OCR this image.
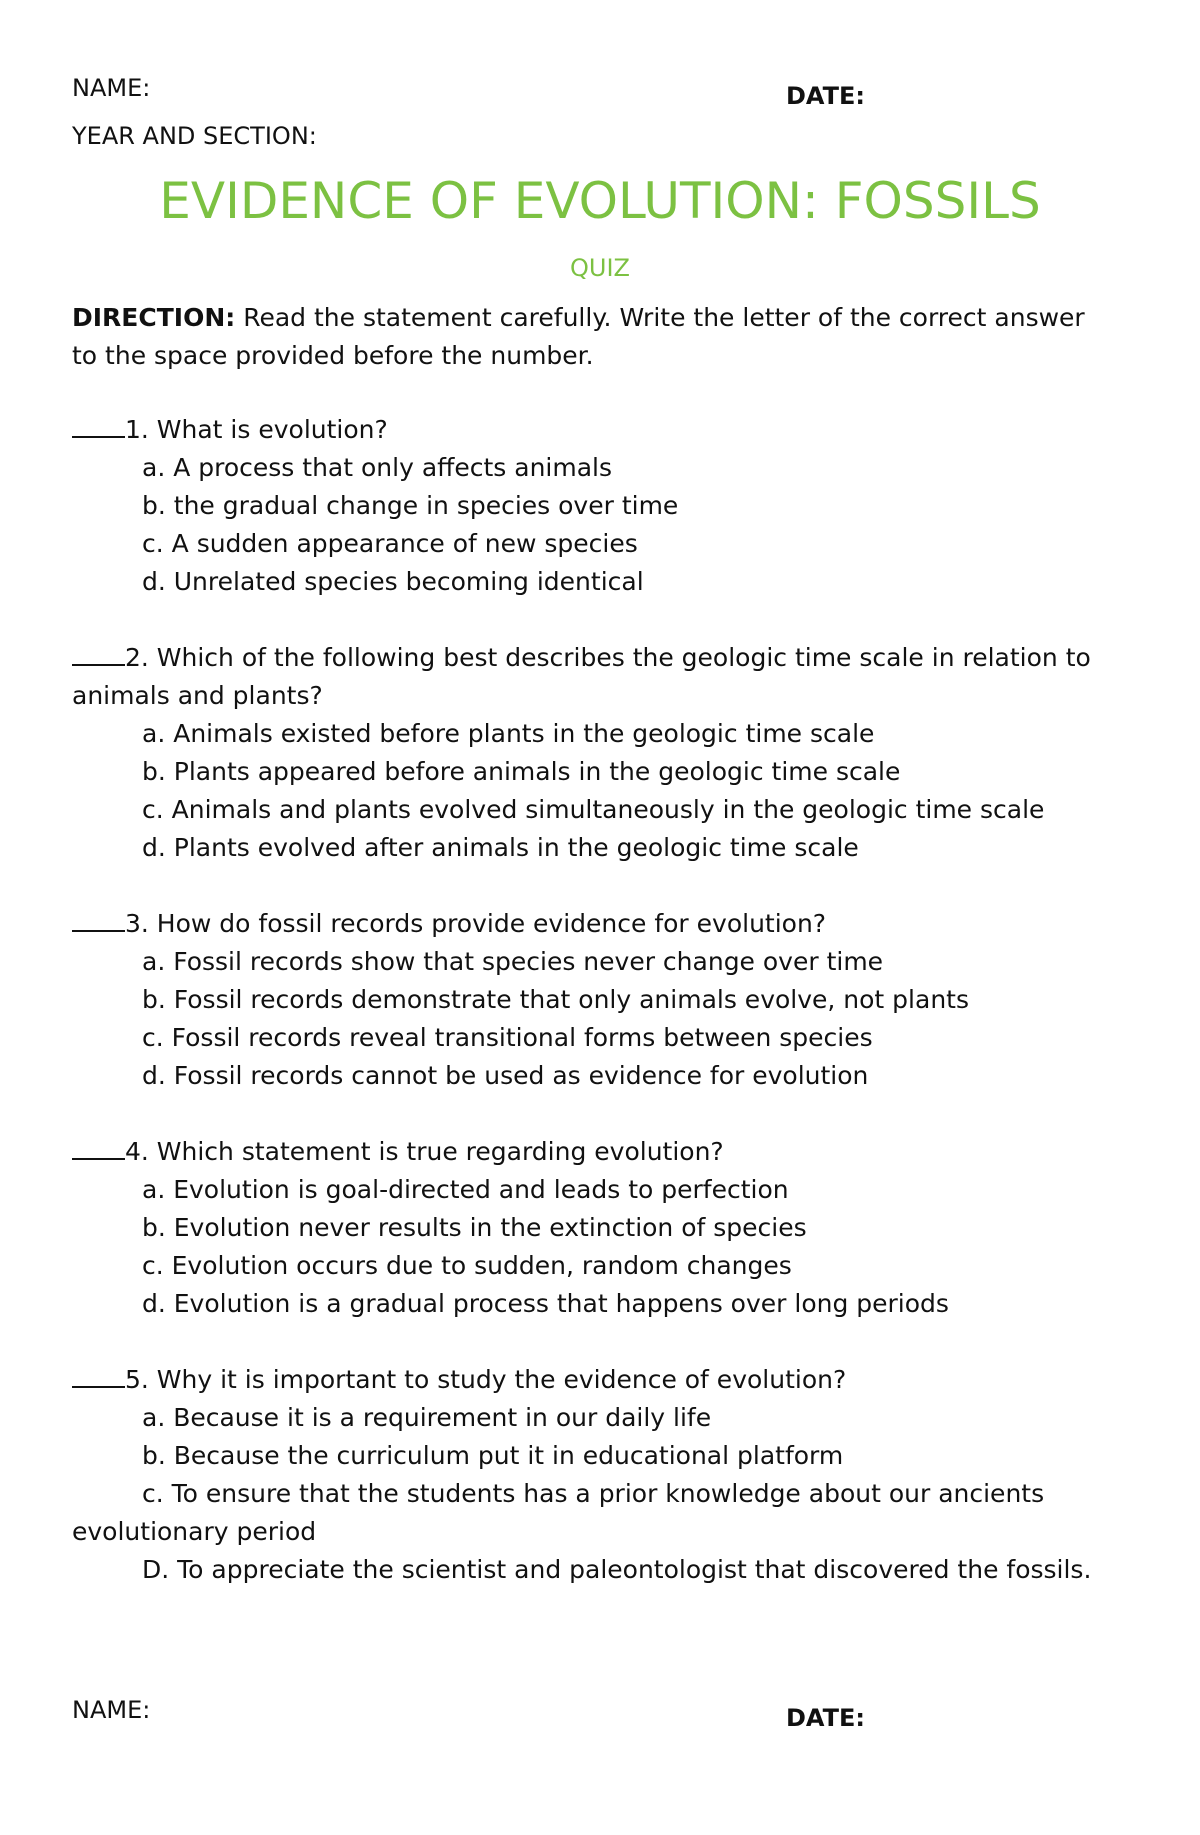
NAME:	DATE:
YEAR AND SECTION:
EVIDENCE OF EVOLUTION: FOSSILS
QUIZ
DIRECTION: Read the statement carefully. Write the letter of the correct answer to the space provided before the number.
1. What is evolution?
a. A process that only affects animals
b. the gradual change in species over time
c. A sudden appearance of new species
d. Unrelated species becoming identical
2. Which of the following best describes the geologic time scale in relation to animals and plants?
a. Animals existed before plants in the geologic time scale
b. Plants appeared before animals in the geologic time scale
c. Animals and plants evolved simultaneously in the geologic time scale
d. Plants evolved after animals in the geologic time scale
3. How do fossil records provide evidence for evolution?
a. Fossil records show that species never change over time
b. Fossil records demonstrate that only animals evolve, not plants
c. Fossil records reveal transitional forms between species
d. Fossil records cannot be used as evidence for evolution
4. Which statement is true regarding evolution?
a. Evolution is goal-directed and leads to perfection
b. Evolution never results in the extinction of species
c. Evolution occurs due to sudden, random changes
d. Evolution is a gradual process that happens over long periods
5. Why it is important to study the evidence of evolution?
a. Because it is a requirement in our daily life
b. Because the curriculum put it in educational platform
c. To ensure that the students has a prior knowledge about our ancients evolutionary period
D. To appreciate the scientist and paleontologist that discovered the fossils.
NAME:	DATE:
